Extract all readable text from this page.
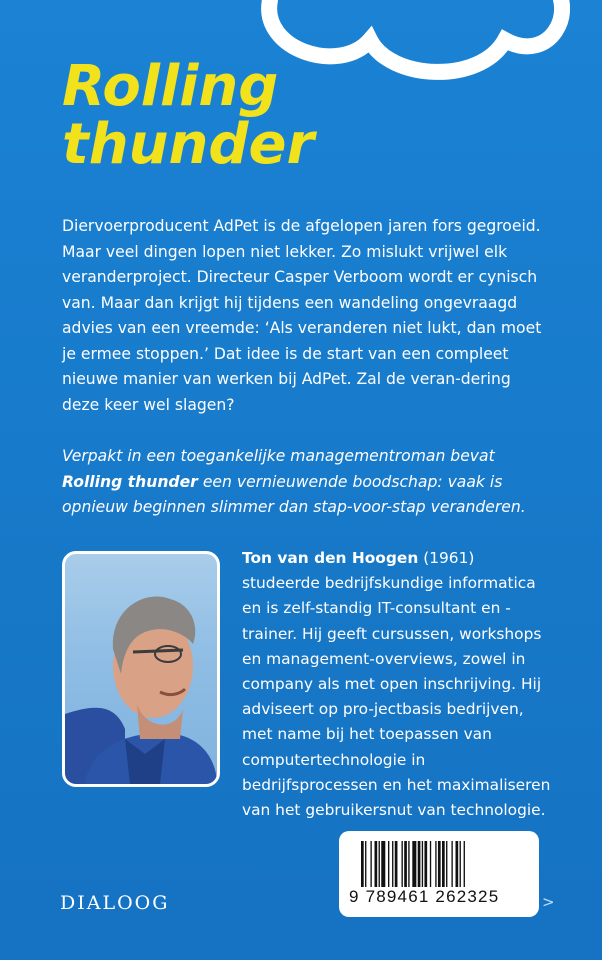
Rolling
thunder

Diervoerproducent AdPet is de afgelopen jaren fors gegroeid. Maar veel dingen lopen niet lekker. Zo mislukt vrijwel elk veranderproject. Directeur Casper Verboom wordt er cynisch van. Maar dan krijgt hij tijdens een wandeling ongevraagd advies van een vreemde: ‘Als veranderen niet lukt, dan moet je ermee stoppen.’ Dat idee is de start van een compleet nieuwe manier van werken bij AdPet. Zal de veran-dering deze keer wel slagen?

Verpakt in een toegankelijke managementroman bevat Rolling thunder een vernieuwende boodschap: vaak is opnieuw beginnen slimmer dan stap-voor-stap veranderen.

Ton van den Hoogen (1961) studeerde bedrijfskundige informatica en is zelf-standig IT-consultant en -trainer. Hij geeft cursussen, workshops en management-overviews, zowel in company als met open inschrijving. Hij adviseert op pro-jectbasis bedrijven, met name bij het toepassen van computertechnologie in bedrijfsprocessen en het maximaliseren van het gebruikersnut van technologie.

9 789461 262325	>
DIALOOG
